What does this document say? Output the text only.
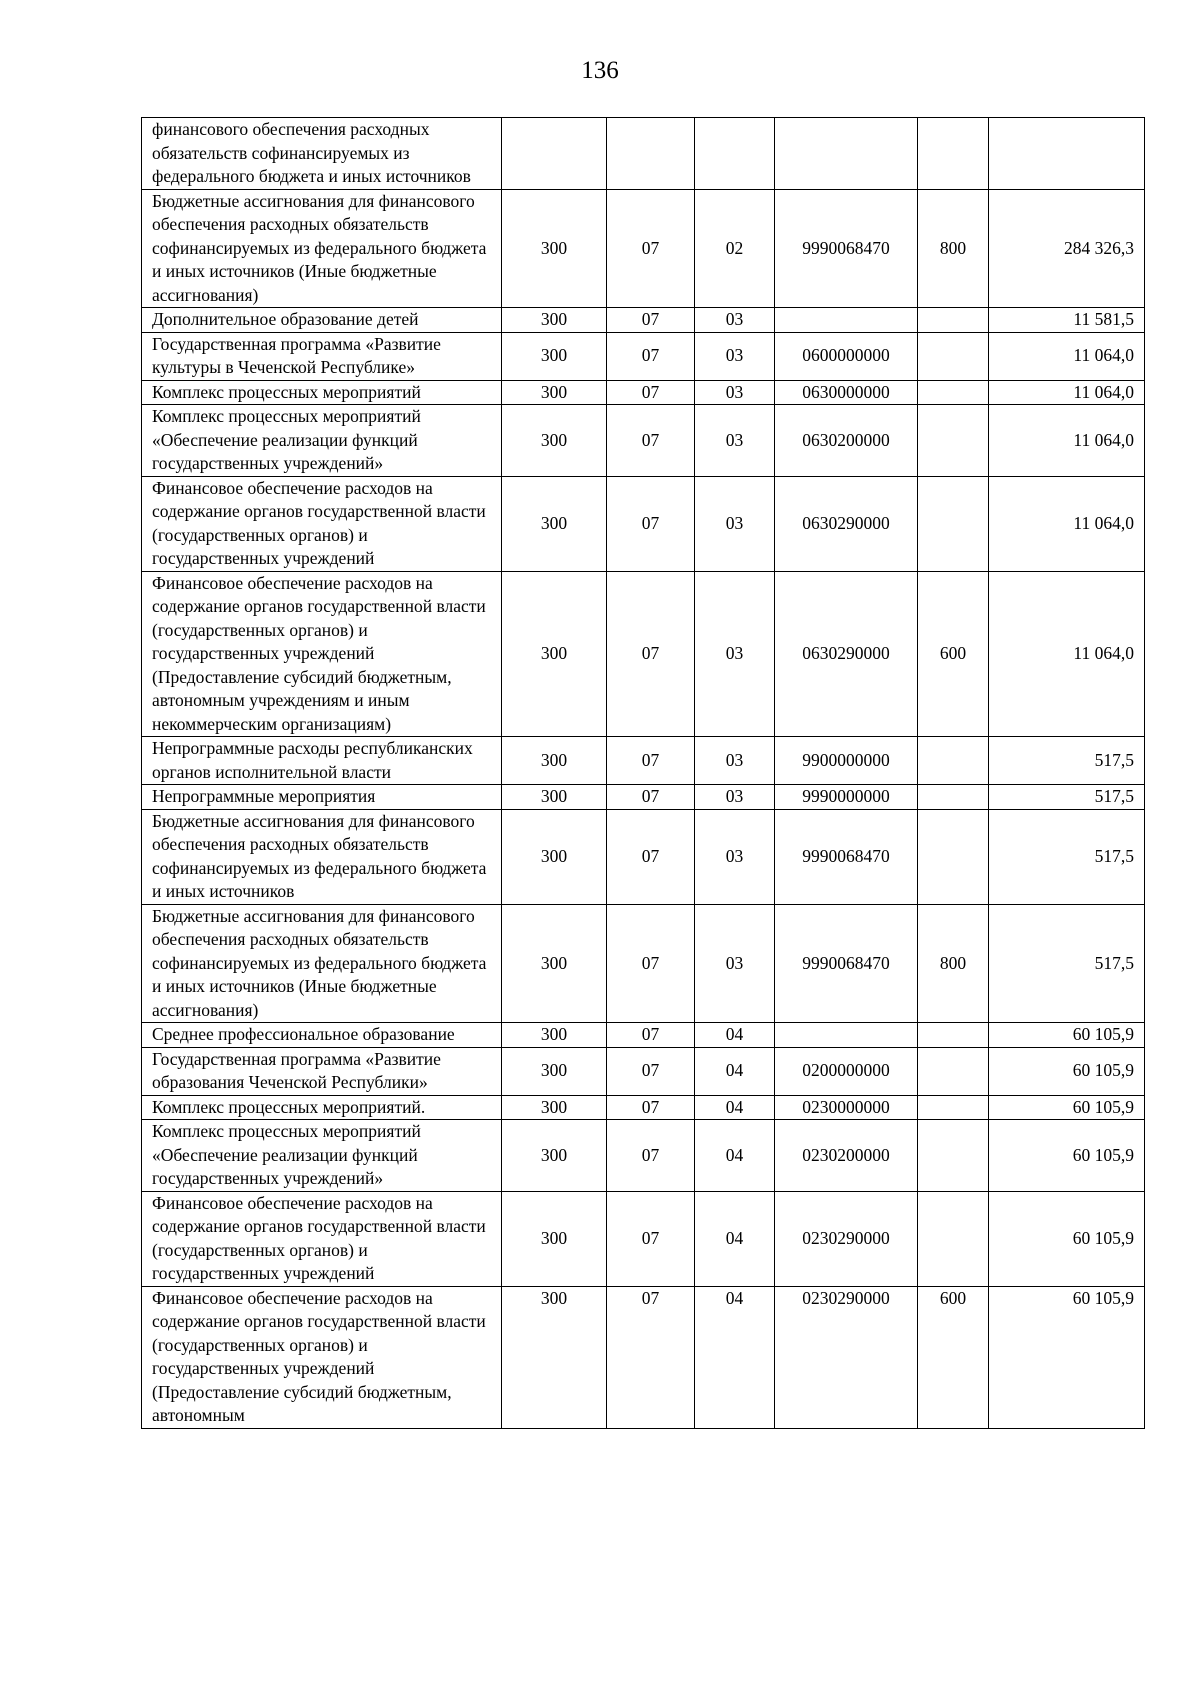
136
финансового обеспечения расходных обязательств софинансируемых из федерального бюджета и иных источников						
Бюджетные ассигнования для финансового обеспечения расходных обязательств софинансируемых из федерального бюджета и иных источников (Иные бюджетные ассигнования)	300	07	02	9990068470	800	284 326,3
Дополнительное образование детей	300	07	03			11 581,5
Государственная программа «Развитие культуры в Чеченской Республике»	300	07	03	0600000000		11 064,0
Комплекс процессных мероприятий	300	07	03	0630000000		11 064,0
Комплекс процессных мероприятий «Обеспечение реализации функций государственных учреждений»	300	07	03	0630200000		11 064,0
Финансовое обеспечение расходов на содержание органов государственной власти (государственных органов) и государственных учреждений	300	07	03	0630290000		11 064,0
Финансовое обеспечение расходов на содержание органов государственной власти (государственных органов) и государственных учреждений (Предоставление субсидий бюджетным, автономным учреждениям и иным некоммерческим организациям)	300	07	03	0630290000	600	11 064,0
Непрограммные расходы республиканских органов исполнительной власти	300	07	03	9900000000		517,5
Непрограммные мероприятия	300	07	03	9990000000		517,5
Бюджетные ассигнования для финансового обеспечения расходных обязательств софинансируемых из федерального бюджета и иных источников	300	07	03	9990068470		517,5
Бюджетные ассигнования для финансового обеспечения расходных обязательств софинансируемых из федерального бюджета и иных источников (Иные бюджетные ассигнования)	300	07	03	9990068470	800	517,5
Среднее профессиональное образование	300	07	04			60 105,9
Государственная программа «Развитие образования Чеченской Республики»	300	07	04	0200000000		60 105,9
Комплекс процессных мероприятий.	300	07	04	0230000000		60 105,9
Комплекс процессных мероприятий «Обеспечение реализации функций государственных учреждений»	300	07	04	0230200000		60 105,9
Финансовое обеспечение расходов на содержание органов государственной власти (государственных органов) и государственных учреждений	300	07	04	0230290000		60 105,9
Финансовое обеспечение расходов на содержание органов государственной власти (государственных органов) и государственных учреждений (Предоставление субсидий бюджетным, автономным	300	07	04	0230290000	600	60 105,9
